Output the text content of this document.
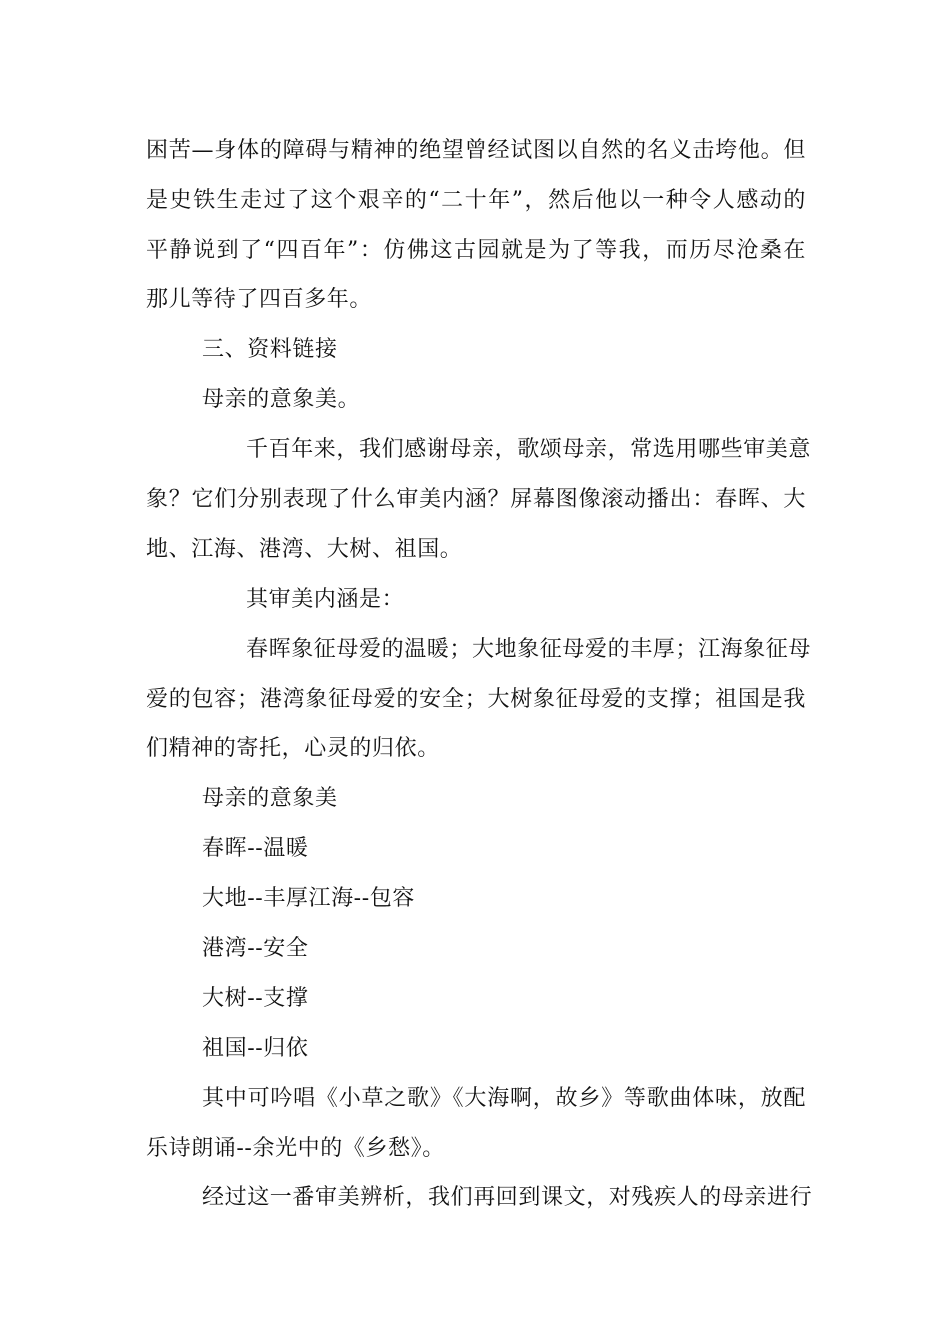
困苦—身体的障碍与精神的绝望曾经试图以自然的名义击垮他。但
是史铁生走过了这个艰辛的“二十年”，然后他以一种令人感动的
平静说到了“四百年”：仿佛这古园就是为了等我，而历尽沧桑在
那儿等待了四百多年。
三、资料链接
母亲的意象美。
千百年来，我们感谢母亲，歌颂母亲，常选用哪些审美意
象？它们分别表现了什么审美内涵？屏幕图像滚动播出：春晖、大
地、江海、港湾、大树、祖国。
其审美内涵是：
春晖象征母爱的温暖；大地象征母爱的丰厚；江海象征母
爱的包容；港湾象征母爱的安全；大树象征母爱的支撑；祖国是我
们精神的寄托，心灵的归依。
母亲的意象美
春晖--温暖
大地--丰厚江海--包容
港湾--安全
大树--支撑
祖国--归依
其中可吟唱《小草之歌》《大海啊，故乡》等歌曲体味，放配
乐诗朗诵--余光中的《乡愁》。
经过这一番审美辨析，我们再回到课文，对残疾人的母亲进行
